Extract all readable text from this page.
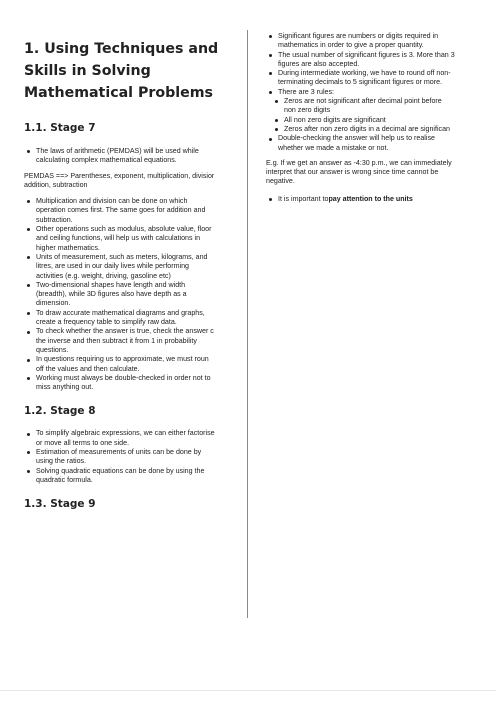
1. Using Techniques and
Skills in Solving
Mathematical Problems
1.1. Stage 7
The laws of arithmetic (PEMDAS) will be used while
calculating complex mathematical equations.

PEMDAS ==> Parentheses, exponent, multiplication, divisior
addition, subtraction

Multiplication and division can be done on which
operation comes first. The same goes for addition and
subtraction.
Other operations such as modulus, absolute value, floor
and ceiling functions, will help us with calculations in
higher mathematics.
Units of measurement, such as meters, kilograms, and
litres, are used in our daily lives while performing
activities (e.g. weight, driving, gasoline etc)
Two-dimensional shapes have length and width
(breadth), while 3D figures also have depth as a
dimension.
To draw accurate mathematical diagrams and graphs,
create a frequency table to simplify raw data.
To check whether the answer is true, check the answer c
the inverse and then subtract it from 1 in probability
questions.
In questions requiring us to approximate, we must roun
off the values and then calculate.
Working must always be double-checked in order not to
miss anything out.
1.2. Stage 8
To simplify algebraic expressions, we can either factorisе
or move all terms to one side.
Estimation of measurements of units can be done by
using the ratios.
Solving quadratic equations can be done by using the
quadratic formula.
1.3. Stage 9
Significant figures are numbers or digits required in
mathematics in order to give a proper quantity.
The usual number of significant figures is 3. More than 3
figures are also accepted.
During intermediate working, we have to round off non-
terminating decimals to 5 significant figures or more.
There are 3 rules:
Zeros are not significant after decimal point before
non zero digits
All non zero digits are significant
Zeros after non zero digits in a decimal are significan
Double-checking the answer will help us to realise
whether we made a mistake or not.

E.g. If we get an answer as -4:30 p.m., we can immediately
interpret that our answer is wrong since time cannot be
negative.

It is important topay attention to the units
